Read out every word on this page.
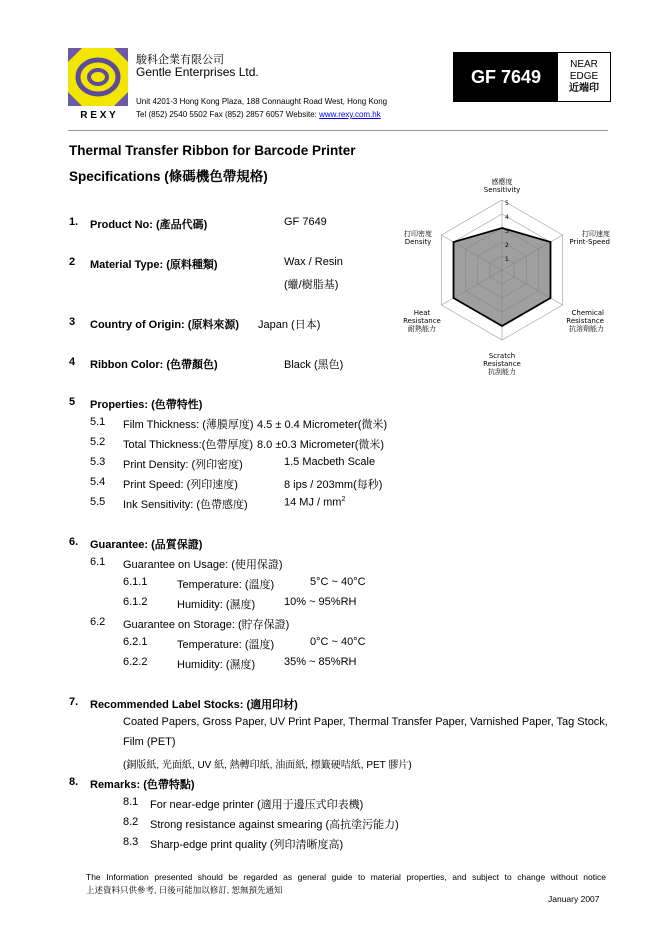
R E X Y
駿科企業有限公司
Gentle Enterprises Ltd.
Unit 4201-3 Hong Kong Plaza, 188 Connaught Road West, Hong Kong
Tel (852) 2540 5502 Fax (852) 2857 6057 Website: www.rexy.com.hk
GF 7649
NEAR
EDGE
近端印
Thermal Transfer Ribbon for Barcode Printer
Specifications (條碼機色帶規格)
1
2
3
4
5
感應度
Sensitivity
打印速度
Print-Speed
Chemical
Resistance
抗溶劑能力
Scratch
Resistance
抗刮能力
Heat
Resistance
耐熱能力
打印密度
Density
1. Product No: (產品代碼)	GF 7649
2 Material Type: (原料種類)	Wax / Resin
(蠟/樹脂基)
3 Country of Origin: (原料來源) Japan (日本)
4 Ribbon Color: (色帶顏色)	Black (黑色)
5 Properties: (色帶特性)
5.1 Film Thickness: (薄膜厚度) 4.5 ± 0.4 Micrometer(微米)
5.2 Total Thickness:(色帶厚度) 8.0 ±0.3 Micrometer(微米)
5.3 Print Density: (列印密度)	1.5 Macbeth Scale
5.4 Print Speed: (列印速度)	8 ips / 203mm(每秒)
5.5 Ink Sensitivity: (色帶感度)	14 MJ / $mm^2$
6. Guarantee: (品質保證)
6.1 Guarantee on Usage: (使用保證)
6.1.1	Temperature: (溫度)	5°C ~ 40°C
6.1.2	Humidity: (濕度)	10% ~ 95%RH
6.2 Guarantee on Storage: (貯存保證)
6.2.1	Temperature: (溫度)	0°C ~ 40°C
6.2.2	Humidity: (濕度)	35% ~ 85%RH
7. Recommended Label Stocks: (適用印材)
Coated Papers, Gross Paper, UV Print Paper, Thermal Transfer Paper, Varnished Paper, Tag Stock,
Film (PET)
(銅版紙, 光面紙, UV 紙, 熱轉印紙, 油面紙, 標籤硬咭紙, PET 膠片)
8. Remarks: (色帶特點)
8.1 For near-edge printer (適用于邊压式印表機)
8.2 Strong resistance against smearing (高抗塗污能力)
8.3 Sharp-edge print quality (列印清晰度高)
The Information presented should be regarded as general guide to material properties, and subject to change without notice
上述資料只供參考, 日後可能加以修訂, 恕無預先通知
January 2007
